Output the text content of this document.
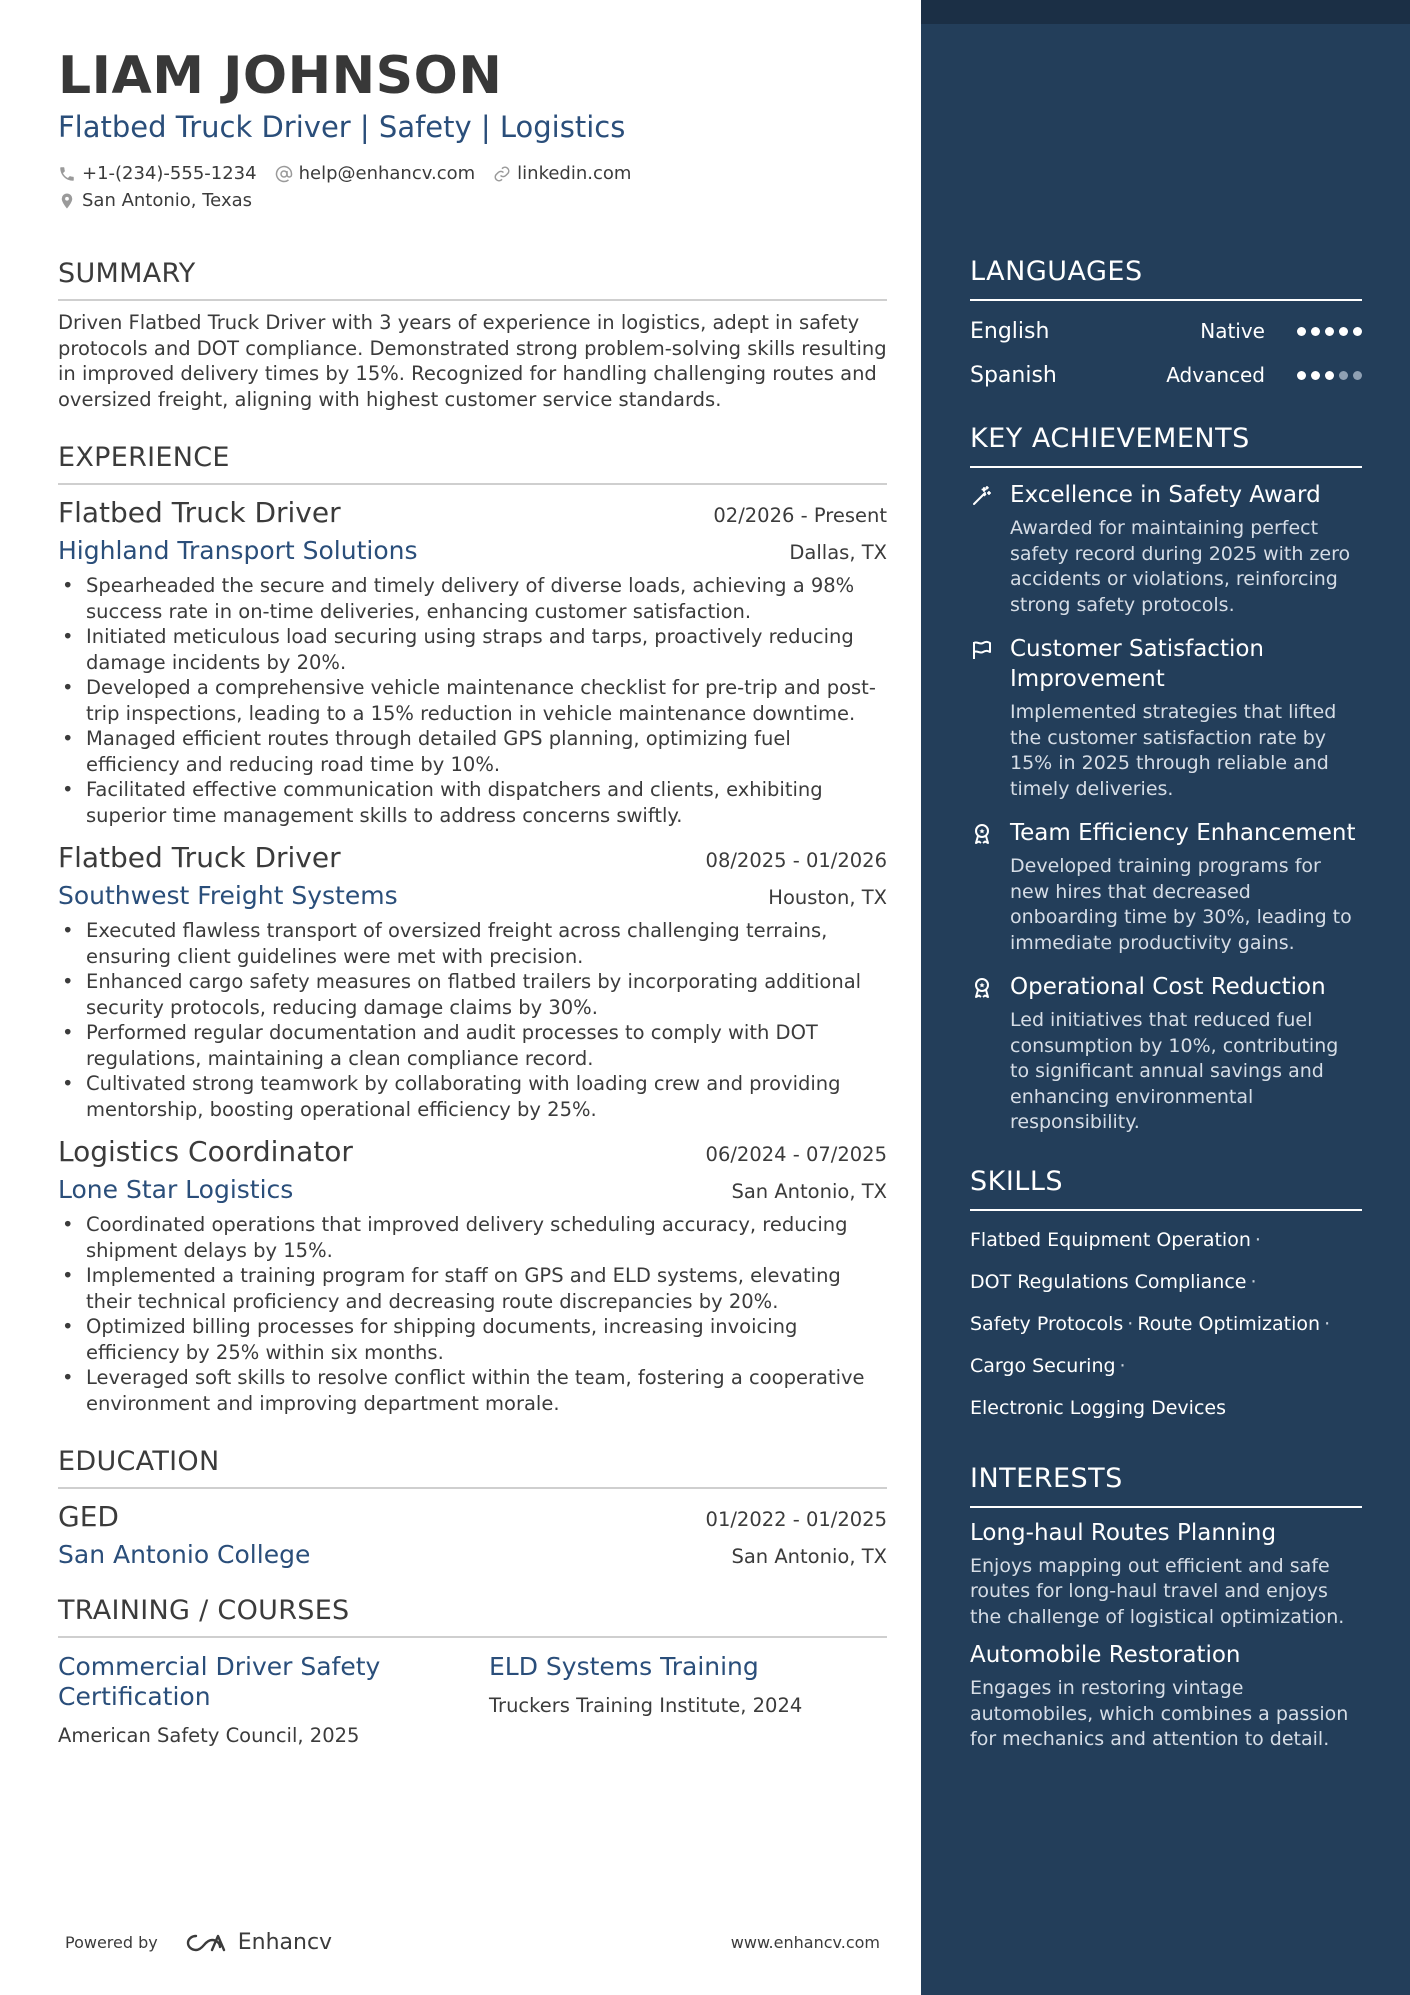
LIAM JOHNSON
Flatbed Truck Driver | Safety | Logistics
+1-(234)-555-1234 help@enhancv.com linkedin.com
San Antonio, Texas
SUMMARY
Driven Flatbed Truck Driver with 3 years of experience in logistics, adept in safety protocols and DOT compliance. Demonstrated strong problem-solving skills resulting in improved delivery times by 15%. Recognized for handling challenging routes and oversized freight, aligning with highest customer service standards.
EXPERIENCE
Flatbed Truck Driver	02/2026 - Present
Highland Transport Solutions	Dallas, TX
• Spearheaded the secure and timely delivery of diverse loads, achieving a 98% success rate in on-time deliveries, enhancing customer satisfaction.
• Initiated meticulous load securing using straps and tarps, proactively reducing damage incidents by 20%.
• Developed a comprehensive vehicle maintenance checklist for pre-trip and post-trip inspections, leading to a 15% reduction in vehicle maintenance downtime.
• Managed efficient routes through detailed GPS planning, optimizing fuel efficiency and reducing road time by 10%.
• Facilitated effective communication with dispatchers and clients, exhibiting superior time management skills to address concerns swiftly.
Flatbed Truck Driver	08/2025 - 01/2026
Southwest Freight Systems	Houston, TX
• Executed flawless transport of oversized freight across challenging terrains, ensuring client guidelines were met with precision.
• Enhanced cargo safety measures on flatbed trailers by incorporating additional security protocols, reducing damage claims by 30%.
• Performed regular documentation and audit processes to comply with DOT regulations, maintaining a clean compliance record.
• Cultivated strong teamwork by collaborating with loading crew and providing mentorship, boosting operational efficiency by 25%.
Logistics Coordinator	06/2024 - 07/2025
Lone Star Logistics	San Antonio, TX
• Coordinated operations that improved delivery scheduling accuracy, reducing shipment delays by 15%.
• Implemented a training program for staff on GPS and ELD systems, elevating their technical proficiency and decreasing route discrepancies by 20%.
• Optimized billing processes for shipping documents, increasing invoicing efficiency by 25% within six months.
• Leveraged soft skills to resolve conflict within the team, fostering a cooperative environment and improving department morale.
EDUCATION
GED	01/2022 - 01/2025
San Antonio College	San Antonio, TX
TRAINING / COURSES
Commercial Driver Safety Certification
American Safety Council, 2025
ELD Systems Training
Truckers Training Institute, 2024
Powered by	Enhancv	www.enhancv.com
LANGUAGES
English	Native
Spanish	Advanced
KEY ACHIEVEMENTS
Excellence in Safety Award
Awarded for maintaining perfect safety record during 2025 with zero accidents or violations, reinforcing strong safety protocols.
Customer Satisfaction Improvement
Implemented strategies that lifted the customer satisfaction rate by 15% in 2025 through reliable and timely deliveries.
Team Efficiency Enhancement
Developed training programs for new hires that decreased onboarding time by 30%, leading to immediate productivity gains.
Operational Cost Reduction
Led initiatives that reduced fuel consumption by 10%, contributing to significant annual savings and enhancing environmental responsibility.
SKILLS
Flatbed Equipment Operation ·
DOT Regulations Compliance ·
Safety Protocols · Route Optimization ·
Cargo Securing ·
Electronic Logging Devices
INTERESTS
Long-haul Routes Planning
Enjoys mapping out efficient and safe routes for long-haul travel and enjoys the challenge of logistical optimization.
Automobile Restoration
Engages in restoring vintage automobiles, which combines a passion for mechanics and attention to detail.
